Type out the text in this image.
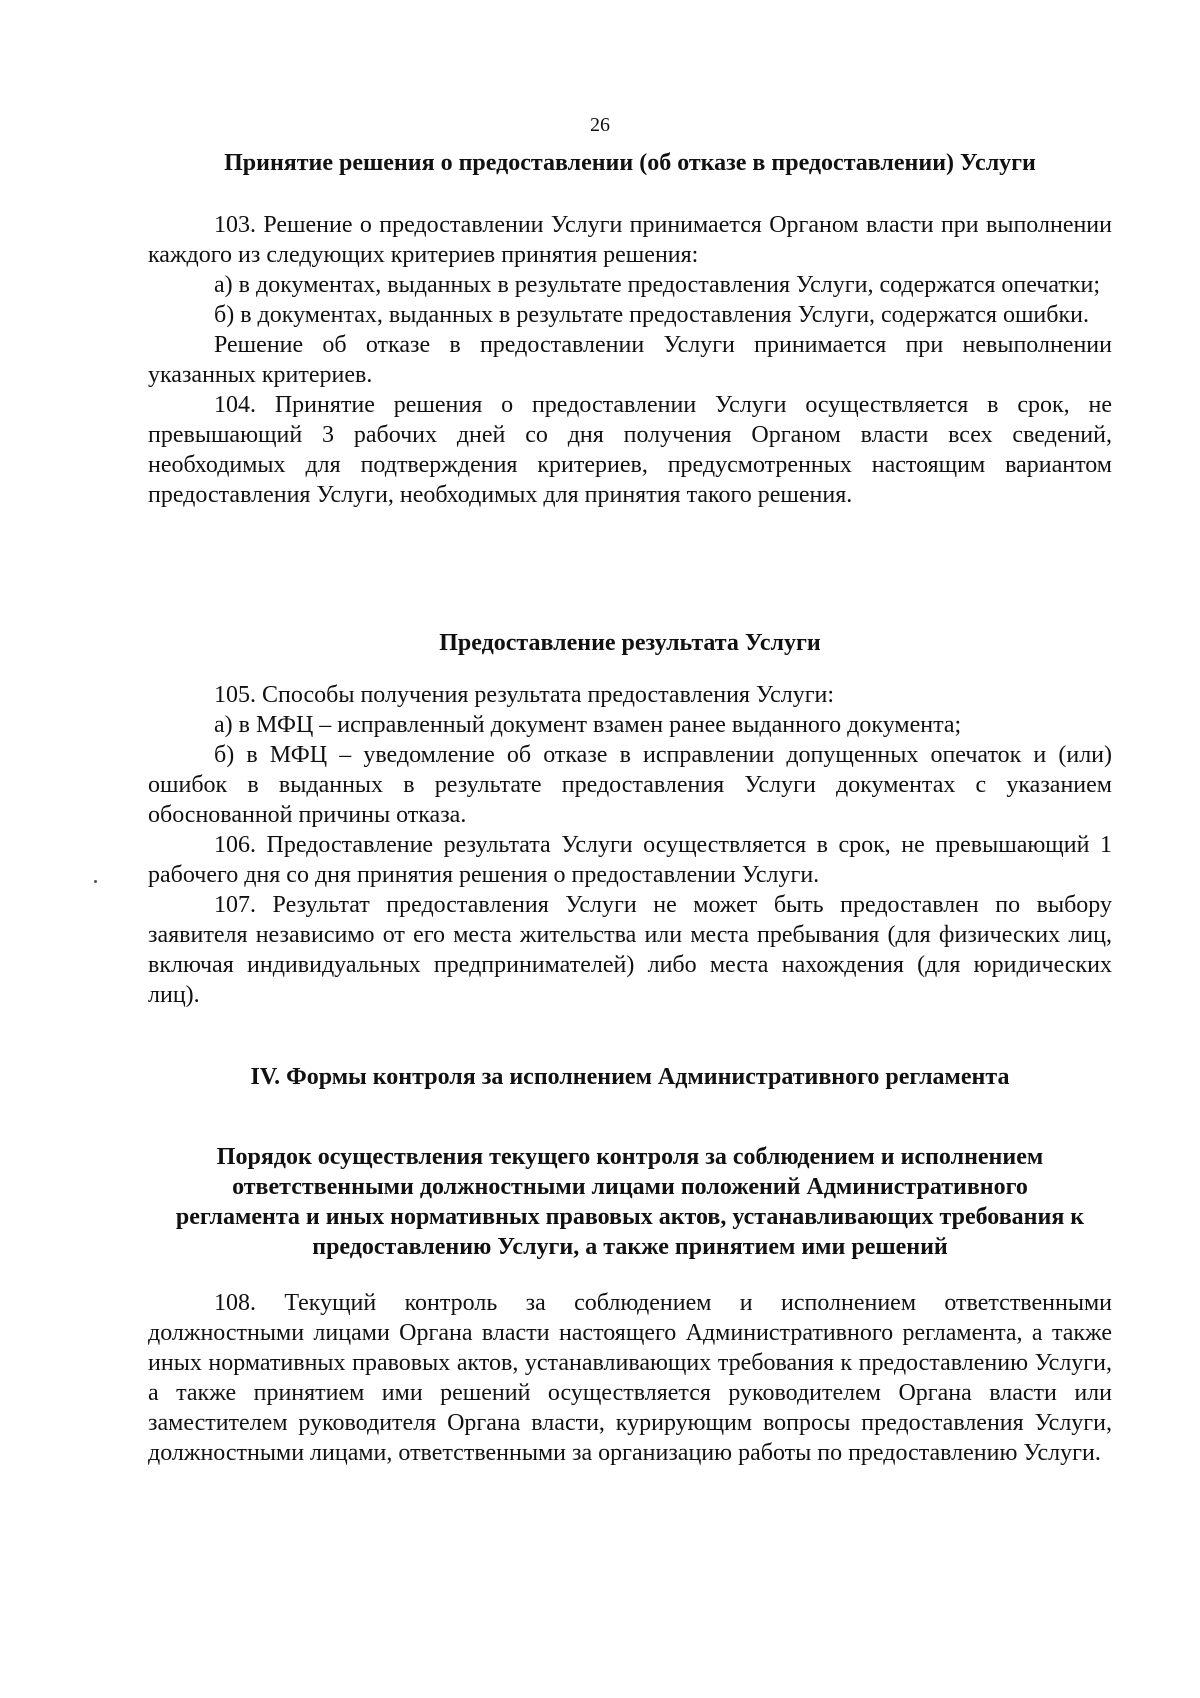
26
Принятие решения о предоставлении (об отказе в предоставлении) Услуги

103. Решение о предоставлении Услуги принимается Органом власти при выполнении каждого из следующих критериев принятия решения:

а) в документах, выданных в результате предоставления Услуги, содержатся опечатки;

б) в документах, выданных в результате предоставления Услуги, содержатся ошибки.

Решение об отказе в предоставлении Услуги принимается при невыполнении указанных критериев.

104. Принятие решения о предоставлении Услуги осуществляется в срок, не превышающий 3 рабочих дней со дня получения Органом власти всех сведений, необходимых для подтверждения критериев, предусмотренных настоящим вариантом предоставления Услуги, необходимых для принятия такого решения.

Предоставление результата Услуги

105. Способы получения результата предоставления Услуги:

а) в МФЦ – исправленный документ взамен ранее выданного документа;

б) в МФЦ – уведомление об отказе в исправлении допущенных опечаток и (или) ошибок в выданных в результате предоставления Услуги документах с указанием обоснованной причины отказа.

106. Предоставление результата Услуги осуществляется в срок, не превышающий 1 рабочего дня со дня принятия решения о предоставлении Услуги.

107. Результат предоставления Услуги не может быть предоставлен по выбору заявителя независимо от его места жительства или места пребывания (для физических лиц, включая индивидуальных предпринимателей) либо места нахождения (для юридических лиц).

IV. Формы контроля за исполнением Административного регламента
Порядок осуществления текущего контроля за соблюдением и исполнением ответственными должностными лицами положений Административного регламента и иных нормативных правовых актов, устанавливающих требования к предоставлению Услуги, а также принятием ими решений

108. Текущий контроль за соблюдением и исполнением ответственными должностными лицами Органа власти настоящего Административного регламента, а также иных нормативных правовых актов, устанавливающих требования к предоставлению Услуги, а также принятием ими решений осуществляется руководителем Органа власти или заместителем руководителя Органа власти, курирующим вопросы предоставления Услуги, должностными лицами, ответственными за организацию работы по предоставлению Услуги.
